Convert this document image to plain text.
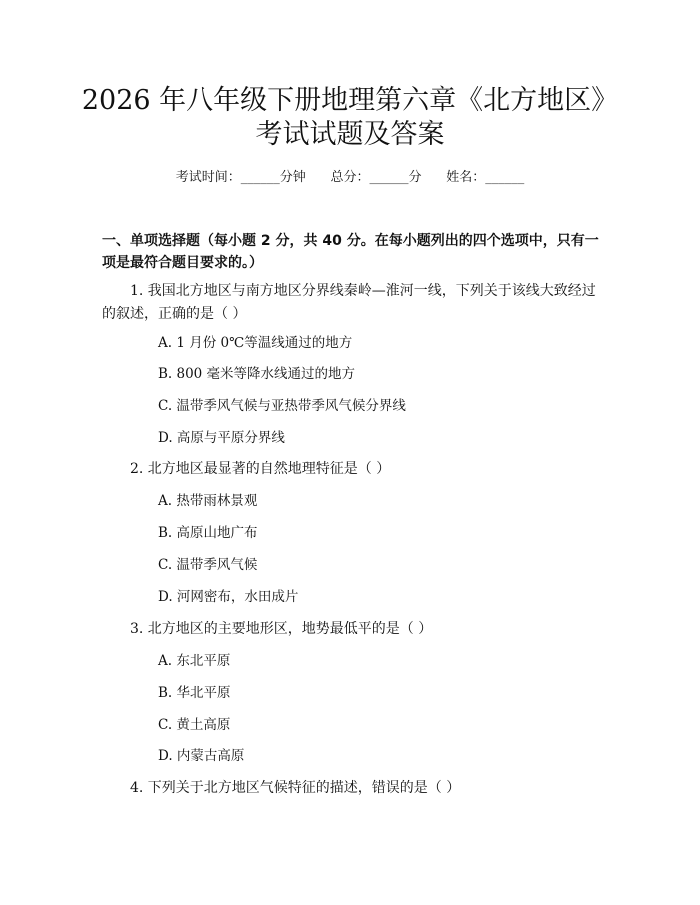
2026 年八年级下册地理第六章《北方地区》
考试试题及答案
考试时间：______分钟      总分：______分      姓名：______
一、单项选择题（每小题 2 分，共 40 分。在每小题列出的四个选项中，只有一项是最符合题目要求的。）
1. 我国北方地区与南方地区分界线秦岭—淮河一线，下列关于该线大致经过的叙述，正确的是（ ）
A. 1 月份 0℃等温线通过的地方
B. 800 毫米等降水线通过的地方
C. 温带季风气候与亚热带季风气候分界线
D. 高原与平原分界线
2. 北方地区最显著的自然地理特征是（ ）
A. 热带雨林景观
B. 高原山地广布
C. 温带季风气候
D. 河网密布，水田成片
3. 北方地区的主要地形区，地势最低平的是（ ）
A. 东北平原
B. 华北平原
C. 黄土高原
D. 内蒙古高原
4. 下列关于北方地区气候特征的描述，错误的是（ ）
